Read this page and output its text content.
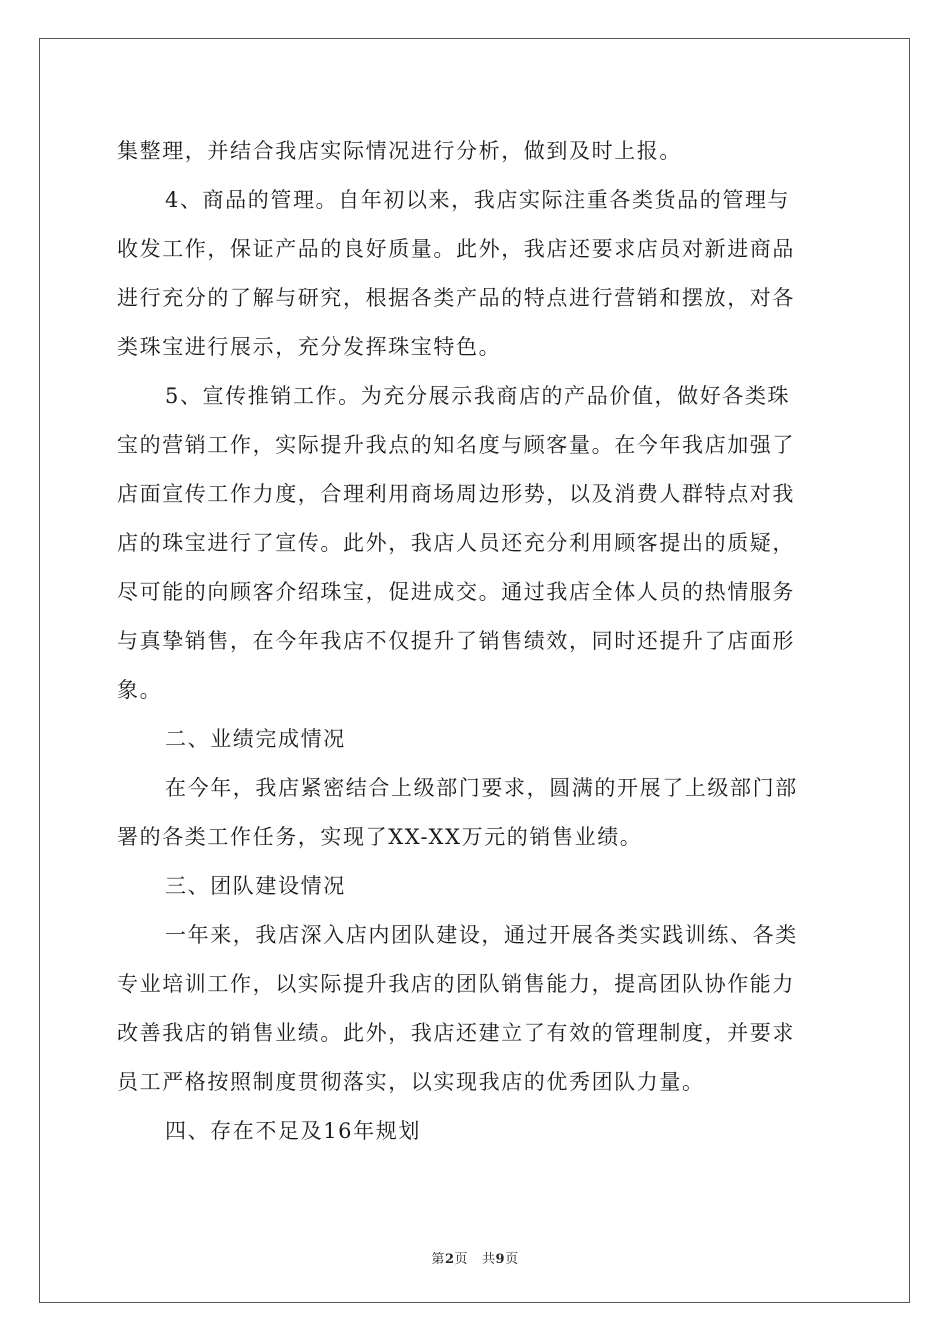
集整理，并结合我店实际情况进行分析，做到及时上报。
4、商品的管理。自年初以来，我店实际注重各类货品的管理与
收发工作，保证产品的良好质量。此外，我店还要求店员对新进商品
进行充分的了解与研究，根据各类产品的特点进行营销和摆放，对各
类珠宝进行展示，充分发挥珠宝特色。
5、宣传推销工作。为充分展示我商店的产品价值，做好各类珠
宝的营销工作，实际提升我点的知名度与顾客量。在今年我店加强了
店面宣传工作力度，合理利用商场周边形势，以及消费人群特点对我
店的珠宝进行了宣传。此外，我店人员还充分利用顾客提出的质疑，
尽可能的向顾客介绍珠宝，促进成交。通过我店全体人员的热情服务
与真挚销售，在今年我店不仅提升了销售绩效，同时还提升了店面形
象。
二、业绩完成情况
在今年，我店紧密结合上级部门要求，圆满的开展了上级部门部
署的各类工作任务，实现了XX-XX万元的销售业绩。
三、团队建设情况
一年来，我店深入店内团队建设，通过开展各类实践训练、各类
专业培训工作，以实际提升我店的团队销售能力，提高团队协作能力
改善我店的销售业绩。此外，我店还建立了有效的管理制度，并要求
员工严格按照制度贯彻落实，以实现我店的优秀团队力量。
四、存在不足及16年规划
第2页 共9页
